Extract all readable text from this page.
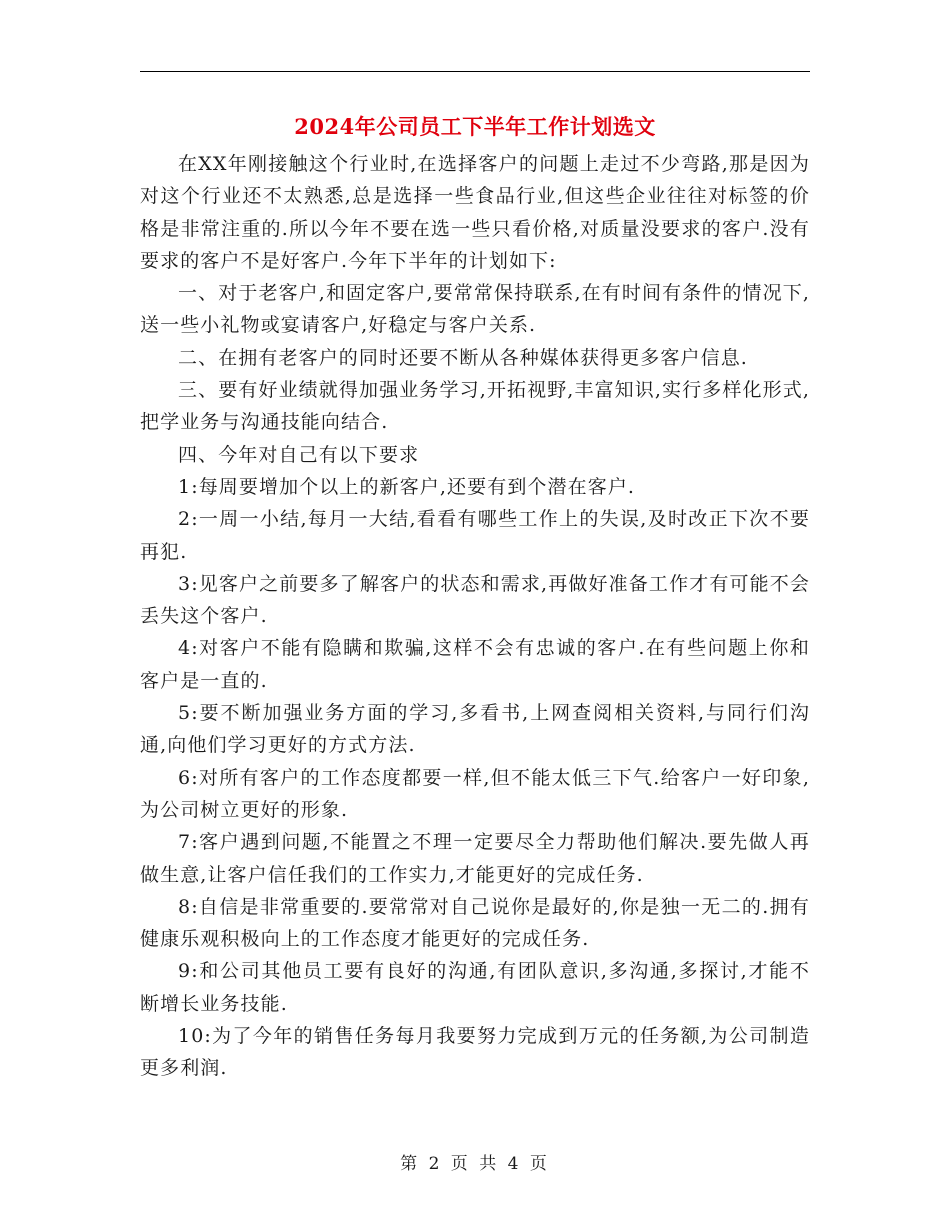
2024年公司员工下半年工作计划选文

在XX年刚接触这个行业时,在选择客户的问题上走过不少弯路,那是因为对这个行业还不太熟悉,总是选择一些食品行业,但这些企业往往对标签的价格是非常注重的.所以今年不要在选一些只看价格,对质量没要求的客户.没有要求的客户不是好客户.今年下半年的计划如下:

一、对于老客户,和固定客户,要常常保持联系,在有时间有条件的情况下,送一些小礼物或宴请客户,好稳定与客户关系.

二、在拥有老客户的同时还要不断从各种媒体获得更多客户信息.

三、要有好业绩就得加强业务学习,开拓视野,丰富知识,实行多样化形式,把学业务与沟通技能向结合.

四、今年对自己有以下要求

1:每周要增加个以上的新客户,还要有到个潜在客户.

2:一周一小结,每月一大结,看看有哪些工作上的失误,及时改正下次不要再犯.

3:见客户之前要多了解客户的状态和需求,再做好准备工作才有可能不会丢失这个客户.

4:对客户不能有隐瞒和欺骗,这样不会有忠诚的客户.在有些问题上你和客户是一直的.

5:要不断加强业务方面的学习,多看书,上网查阅相关资料,与同行们沟通,向他们学习更好的方式方法.

6:对所有客户的工作态度都要一样,但不能太低三下气.给客户一好印象,为公司树立更好的形象.

7:客户遇到问题,不能置之不理一定要尽全力帮助他们解决.要先做人再做生意,让客户信任我们的工作实力,才能更好的完成任务.

8:自信是非常重要的.要常常对自己说你是最好的,你是独一无二的.拥有健康乐观积极向上的工作态度才能更好的完成任务.

9:和公司其他员工要有良好的沟通,有团队意识,多沟通,多探讨,才能不断增长业务技能.

10:为了今年的销售任务每月我要努力完成到万元的任务额,为公司制造更多利润.

第 2 页 共 4 页
